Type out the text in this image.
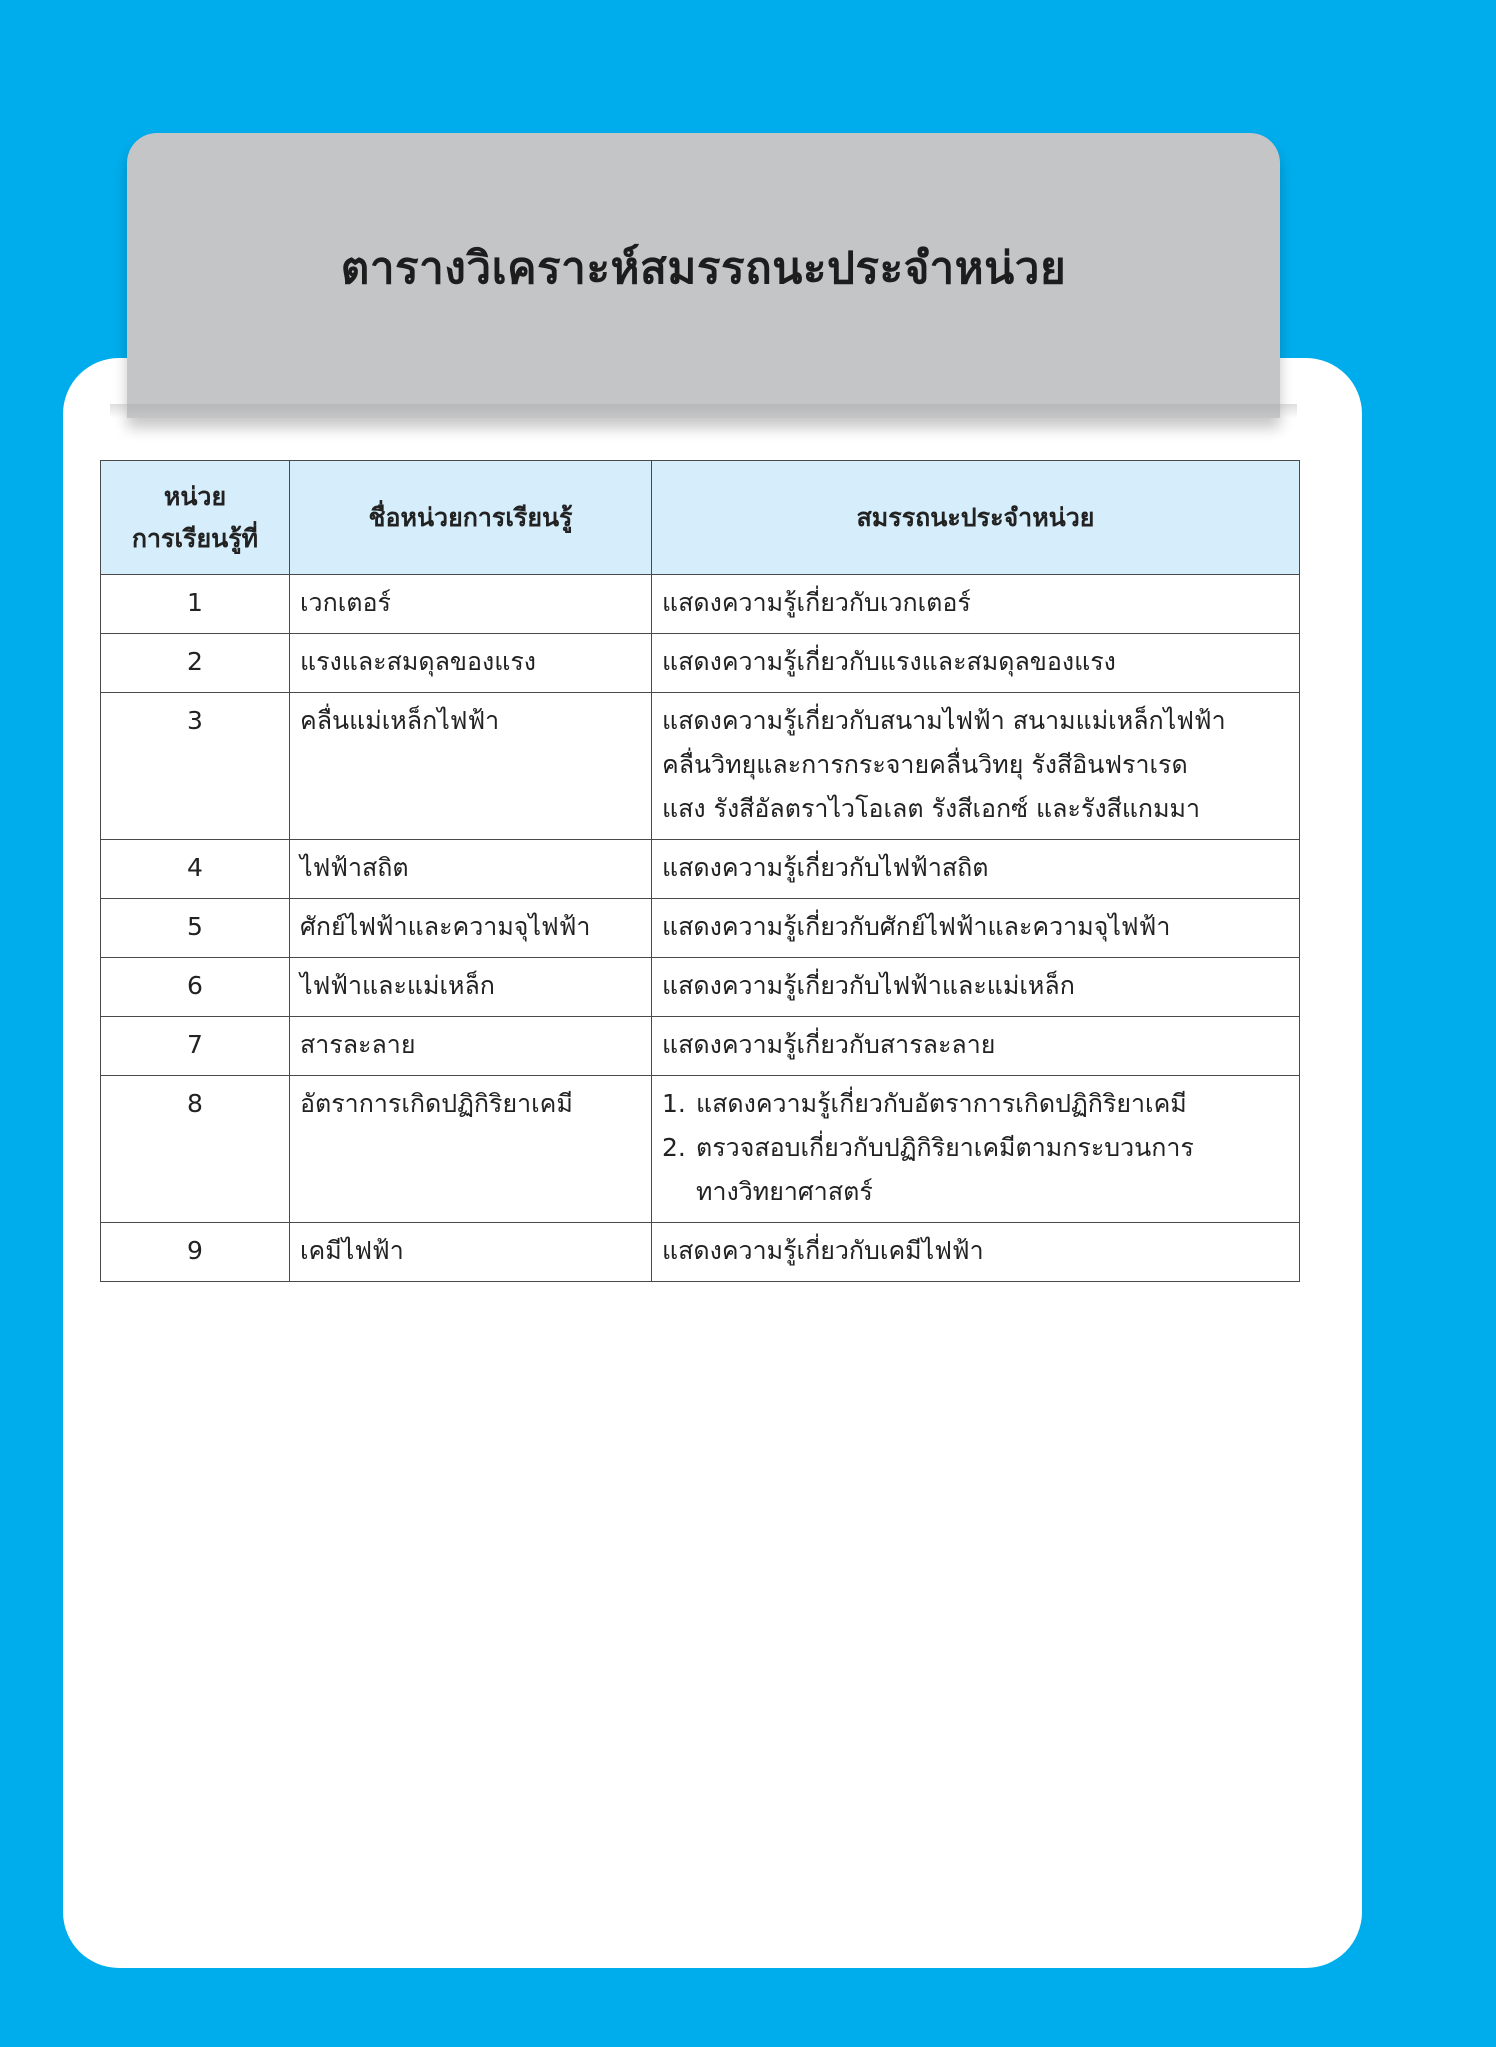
ตารางวิเคราะห์สมรรถนะประจำหน่วย
หน่วย
การเรียนรู้ที่	ชื่อหน่วยการเรียนรู้	สมรรถนะประจำหน่วย
1	เวกเตอร์	แสดงความรู้เกี่ยวกับเวกเตอร์

2	แรงและสมดุลของแรง	แสดงความรู้เกี่ยวกับแรงและสมดุลของแรง

3	คลื่นแม่เหล็กไฟฟ้า	แสดงความรู้เกี่ยวกับสนามไฟฟ้า สนามแม่เหล็กไฟฟ้า
คลื่นวิทยุและการกระจายคลื่นวิทยุ รังสีอินฟราเรด
แสง รังสีอัลตราไวโอเลต รังสีเอกซ์ และรังสีแกมมา

4	ไฟฟ้าสถิต	แสดงความรู้เกี่ยวกับไฟฟ้าสถิต

5	ศักย์ไฟฟ้าและความจุไฟฟ้า	แสดงความรู้เกี่ยวกับศักย์ไฟฟ้าและความจุไฟฟ้า

6	ไฟฟ้าและแม่เหล็ก	แสดงความรู้เกี่ยวกับไฟฟ้าและแม่เหล็ก

7	สารละลาย	แสดงความรู้เกี่ยวกับสารละลาย

8	อัตราการเกิดปฏิกิริยาเคมี	1. แสดงความรู้เกี่ยวกับอัตราการเกิดปฏิกิริยาเคมี
2. ตรวจสอบเกี่ยวกับปฏิกิริยาเคมีตามกระบวนการ
ทางวิทยาศาสตร์

9	เคมีไฟฟ้า	แสดงความรู้เกี่ยวกับเคมีไฟฟ้า
